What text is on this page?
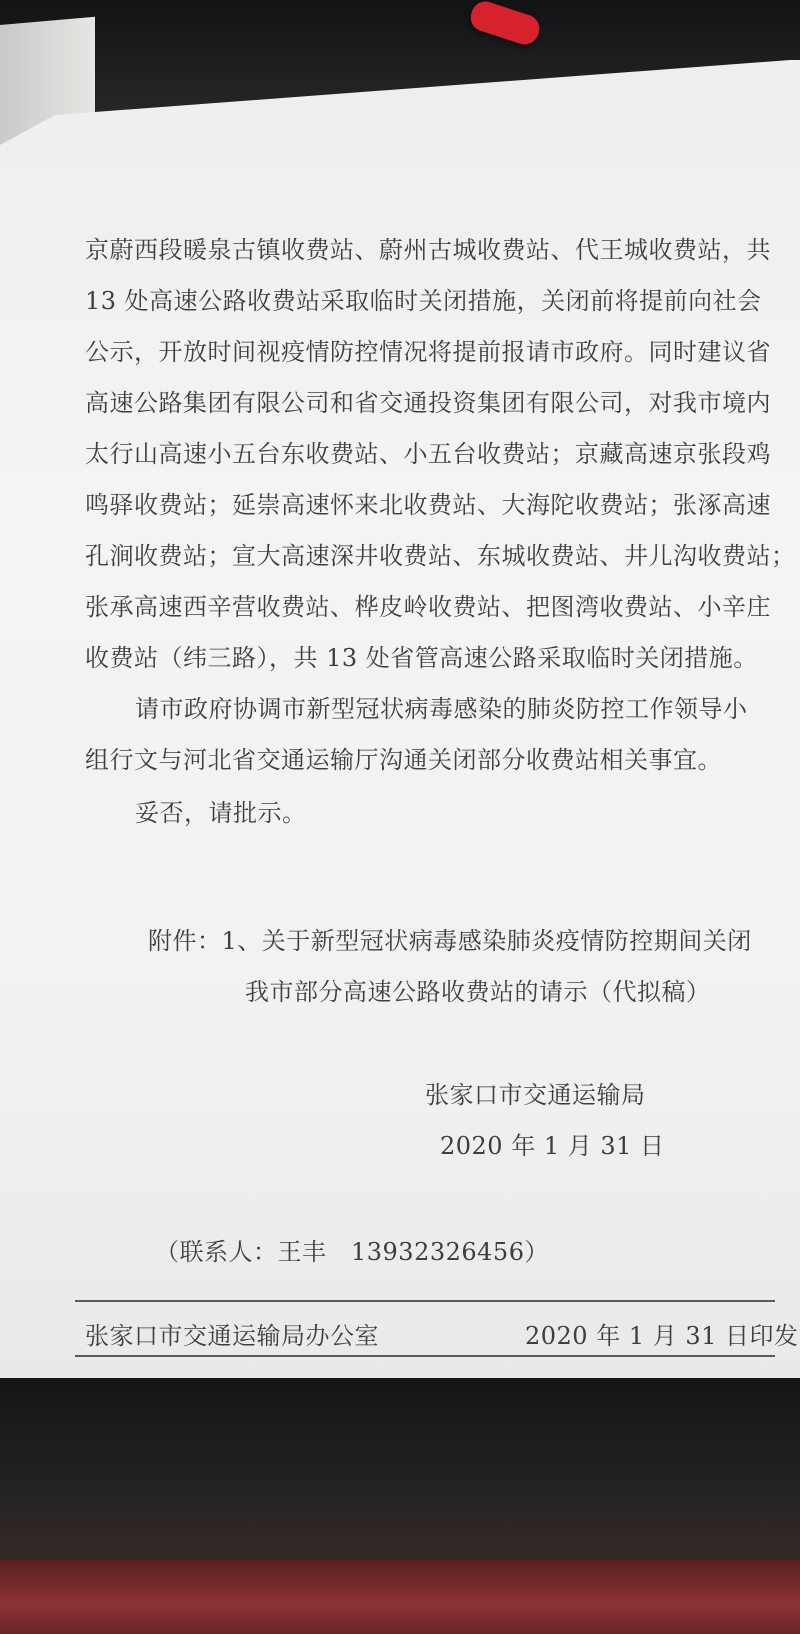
京蔚西段暖泉古镇收费站、蔚州古城收费站、代王城收费站，共
13 处高速公路收费站采取临时关闭措施，关闭前将提前向社会
公示，开放时间视疫情防控情况将提前报请市政府。同时建议省
高速公路集团有限公司和省交通投资集团有限公司，对我市境内
太行山高速小五台东收费站、小五台收费站；京藏高速京张段鸡
鸣驿收费站；延崇高速怀来北收费站、大海陀收费站；张涿高速
孔涧收费站；宣大高速深井收费站、东城收费站、井儿沟收费站；
张承高速西辛营收费站、桦皮岭收费站、把图湾收费站、小辛庄
收费站（纬三路），共 13 处省管高速公路采取临时关闭措施。
请市政府协调市新型冠状病毒感染的肺炎防控工作领导小
组行文与河北省交通运输厅沟通关闭部分收费站相关事宜。
妥否，请批示。
附件：1、关于新型冠状病毒感染肺炎疫情防控期间关闭
我市部分高速公路收费站的请示（代拟稿）
张家口市交通运输局
2020 年 1 月 31 日
（联系人：王丰　13932326456）
张家口市交通运输局办公室	2020 年 1 月 31 日印发
